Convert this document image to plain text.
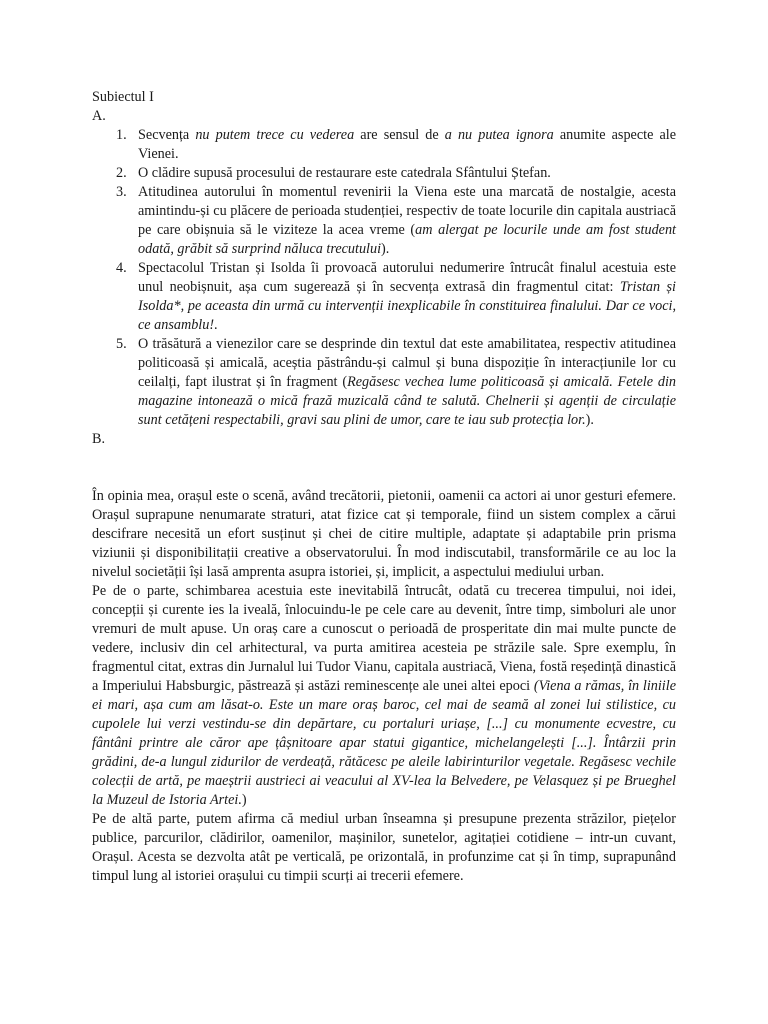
Subiectul I

A.

1. Secvența nu putem trece cu vederea are sensul de a nu putea ignora anumite aspecte ale Vienei.
2. O clădire supusă procesului de restaurare este catedrala Sfântului Ștefan.
3. Atitudinea autorului în momentul revenirii la Viena este una marcată de nostalgie, acesta amintindu-și cu plăcere de perioada studenției, respectiv de toate locurile din capitala austriacă pe care obișnuia să le viziteze la acea vreme (am alergat pe locurile unde am fost student odată, grăbit să surprind năluca trecutului).
4. Spectacolul Tristan și Isolda îi provoacă autorului nedumerire întrucât finalul acestuia este unul neobișnuit, așa cum sugerează și în secvența extrasă din fragmentul citat: Tristan și Isolda*, pe aceasta din urmă cu intervenții inexplicabile în constituirea finalului. Dar ce voci, ce ansamblu!.
5. O trăsătură a vienezilor care se desprinde din textul dat este amabilitatea, respectiv atitudinea politicoasă și amicală, aceștia păstrându-și calmul și buna dispoziție în interacțiunile lor cu ceilalți, fapt ilustrat și în fragment (Regăsesc vechea lume politicoasă și amicală. Fetele din magazine intonează o mică frază muzicală când te salută. Chelnerii și agenții de circulație sunt cetățeni respectabili, gravi sau plini de umor, care te iau sub protecția lor.).

B.

În opinia mea, orașul este o scenă, având trecătorii, pietonii, oamenii ca actori ai unor gesturi efemere. Orașul suprapune nenumarate straturi, atat fizice cat și temporale, fiind un sistem complex a cărui descifrare necesită un efort susținut și chei de citire multiple, adaptate și adaptabile prin prisma viziunii și disponibilitații creative a observatorului. În mod indiscutabil, transformările ce au loc la nivelul societății își lasă amprenta asupra istoriei, și, implicit, a aspectului mediului urban.

Pe de o parte, schimbarea acestuia este inevitabilă întrucât, odată cu trecerea timpului, noi idei, concepții și curente ies la iveală, înlocuindu-le pe cele care au devenit, între timp, simboluri ale unor vremuri de mult apuse. Un oraș care a cunoscut o perioadă de prosperitate din mai multe puncte de vedere, inclusiv din cel arhitectural, va purta amitirea acesteia pe străzile sale. Spre exemplu, în fragmentul citat, extras din Jurnalul lui Tudor Vianu, capitala austriacă, Viena, fostă reședință dinastică a Imperiului Habsburgic, păstrează și astăzi reminescențe ale unei altei epoci (Viena a rămas, în liniile ei mari, așa cum am lăsat-o. Este un mare oraș baroc, cel mai de seamă al zonei lui stilistice, cu cupolele lui verzi vestindu-se din depărtare, cu portaluri uriașe, [...] cu monumente ecvestre, cu fântâni printre ale căror ape țâșnitoare apar statui gigantice, michelangelești [...]. Întârzii prin grădini, de-a lungul zidurilor de verdeață, rătăcesc pe aleile labirinturilor vegetale. Regăsesc vechile colecții de artă, pe maeștrii austrieci ai veacului al XV-lea la Belvedere, pe Velasquez și pe Brueghel la Muzeul de Istoria Artei.)

Pe de altă parte, putem afirma că mediul urban înseamna și presupune prezenta străzilor, piețelor publice, parcurilor, clădirilor, oamenilor, mașinilor, sunetelor, agitației cotidiene – intr-un cuvant, Orașul. Acesta se dezvolta atât pe verticală, pe orizontală, in profunzime cat și în timp, suprapunând timpul lung al istoriei orașului cu timpii scurți ai trecerii efemere.
